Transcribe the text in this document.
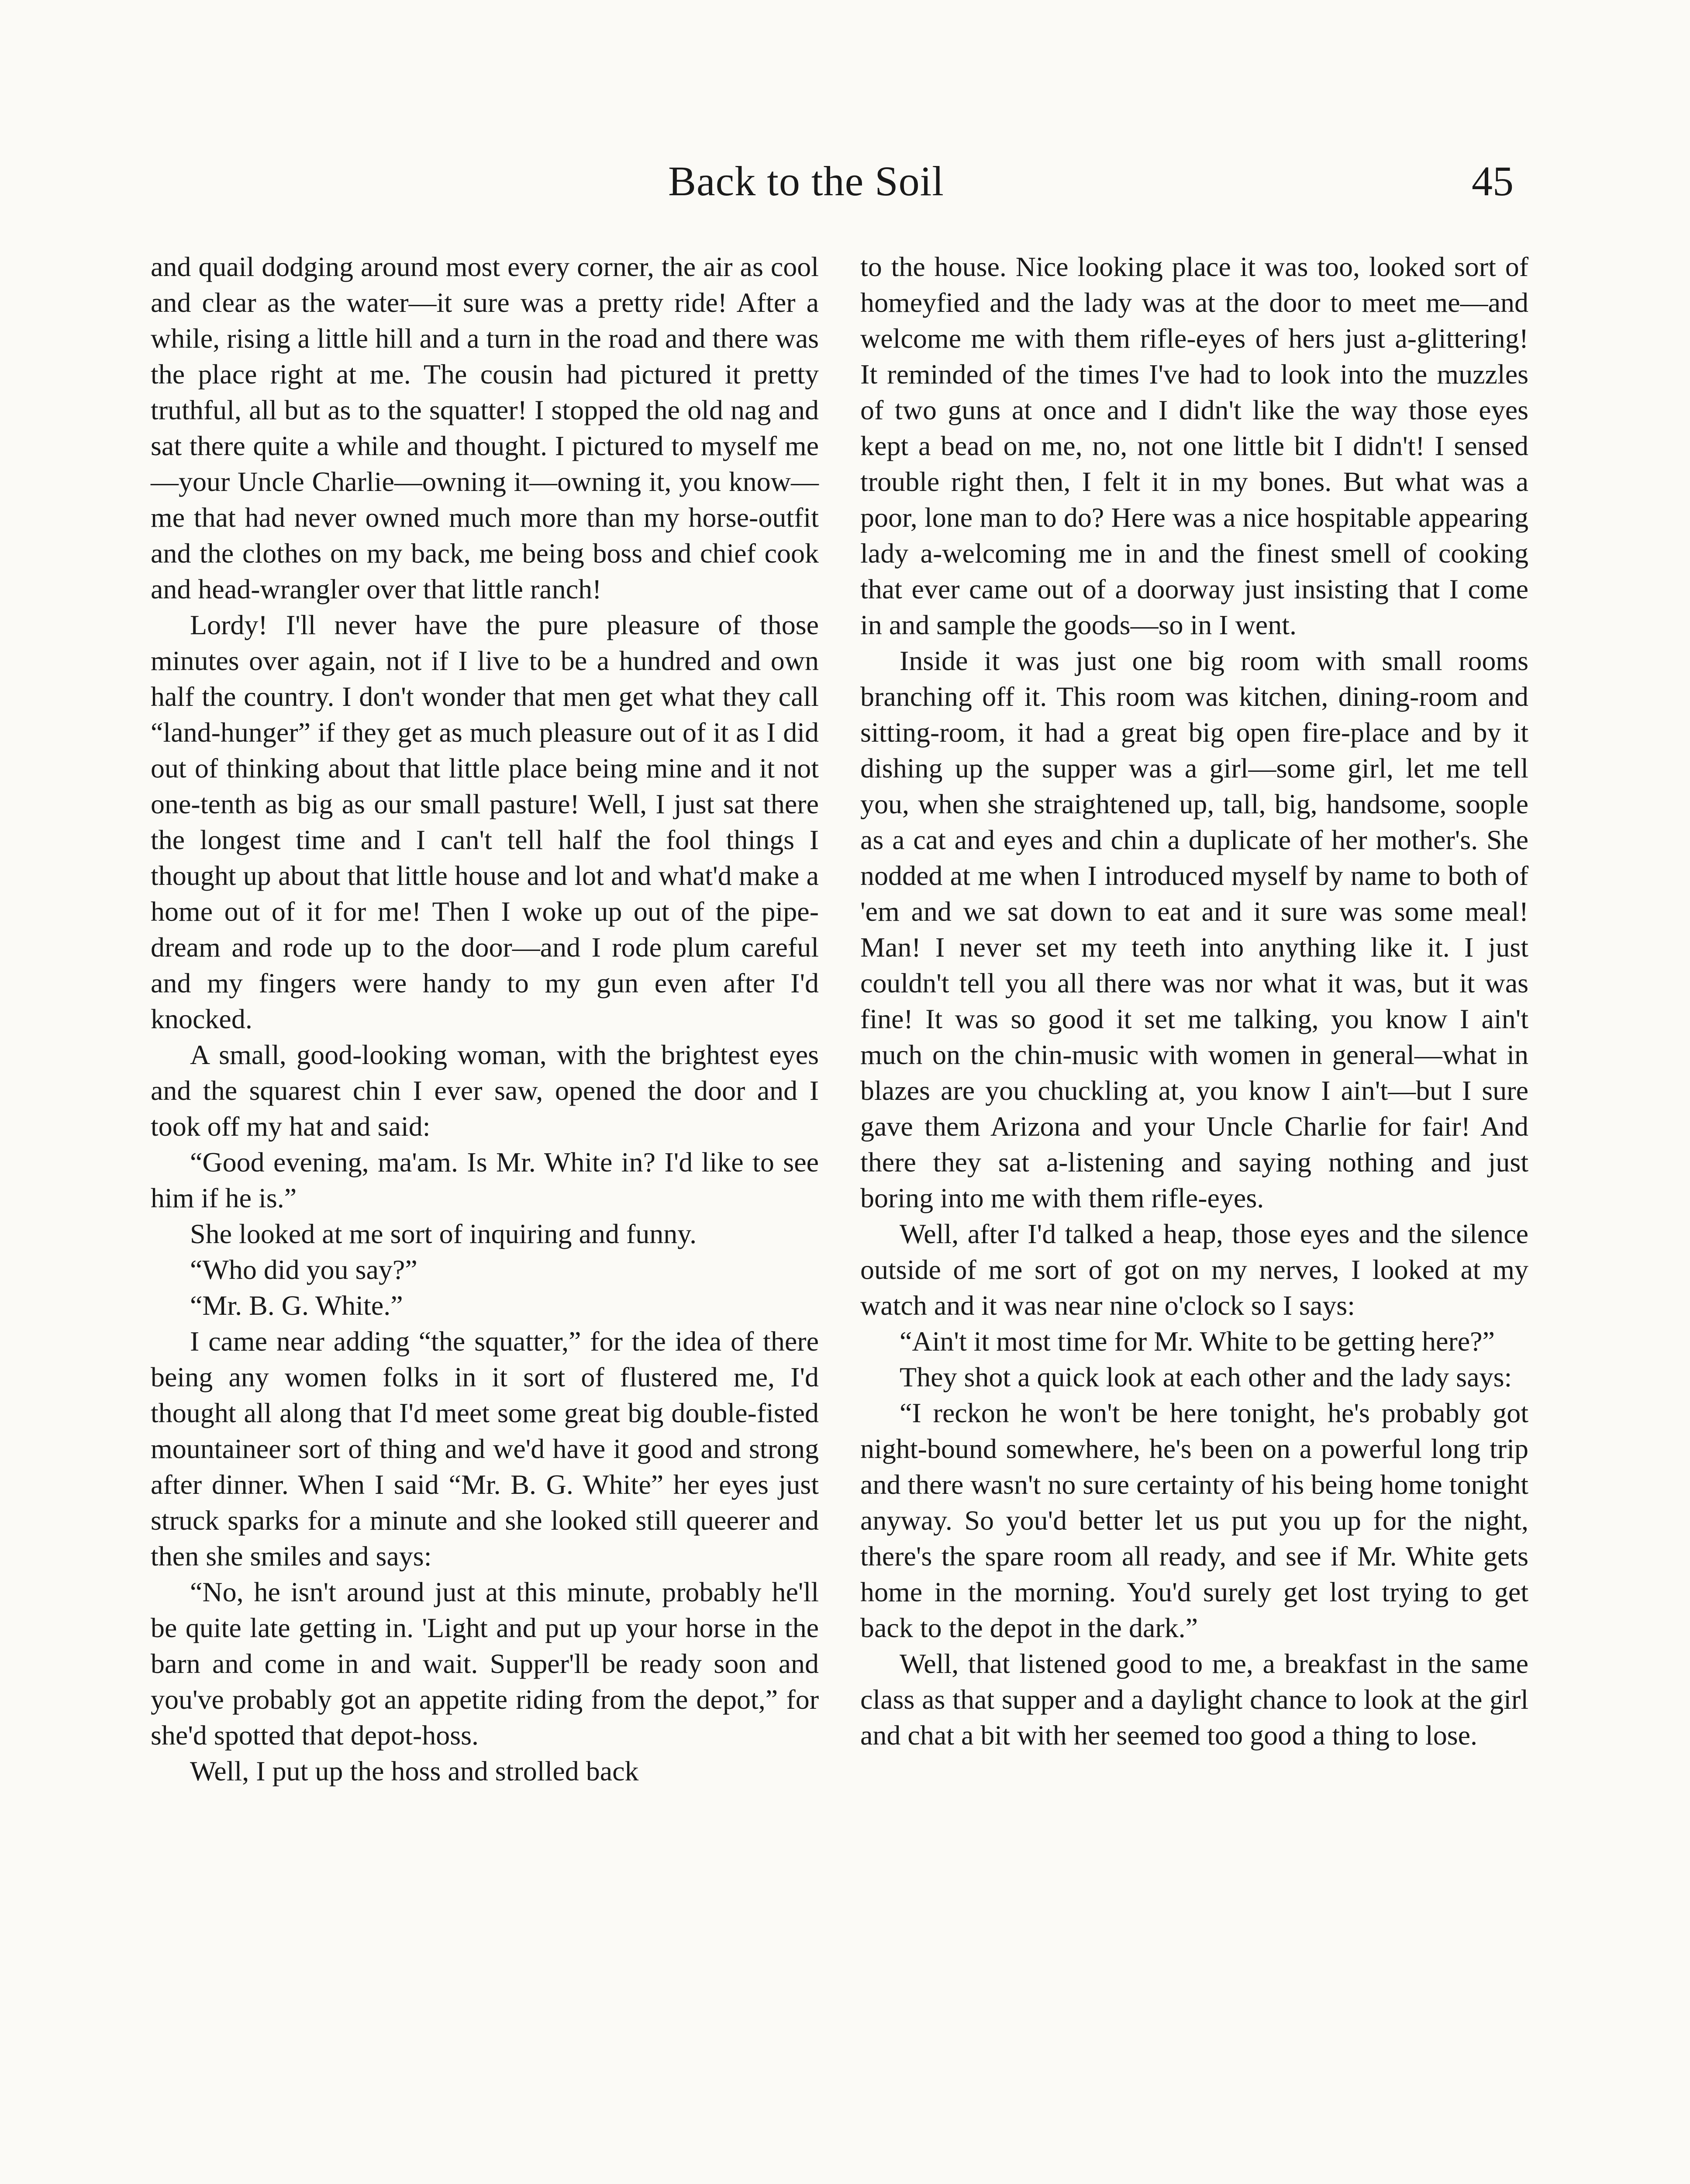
Back to the Soil	45

and quail dodging around most every corner, the air as cool and clear as the water—it sure was a pretty ride! After a while, rising a little hill and a turn in the road and there was the place right at me. The cousin had pictured it pretty truthful, all but as to the squatter! I stopped the old nag and sat there quite a while and thought. I pictured to myself me—your Uncle Charlie—owning it—owning it, you know—me that had never owned much more than my horse-outfit and the clothes on my back, me being boss and chief cook and head-wrangler over that little ranch!

Lordy! I'll never have the pure pleasure of those minutes over again, not if I live to be a hundred and own half the country. I don't wonder that men get what they call “land-hunger” if they get as much pleasure out of it as I did out of thinking about that little place being mine and it not one-tenth as big as our small pasture! Well, I just sat there the longest time and I can't tell half the fool things I thought up about that little house and lot and what'd make a home out of it for me! Then I woke up out of the pipe-dream and rode up to the door—and I rode plum careful and my fingers were handy to my gun even after I'd knocked.

A small, good-looking woman, with the brightest eyes and the squarest chin I ever saw, opened the door and I took off my hat and said:

“Good evening, ma'am. Is Mr. White in? I'd like to see him if he is.”

She looked at me sort of inquiring and funny.

“Who did you say?”

“Mr. B. G. White.”

I came near adding “the squatter,” for the idea of there being any women folks in it sort of flustered me, I'd thought all along that I'd meet some great big double-fisted mountaineer sort of thing and we'd have it good and strong after dinner. When I said “Mr. B. G. White” her eyes just struck sparks for a minute and she looked still queerer and then she smiles and says:

“No, he isn't around just at this minute, probably he'll be quite late getting in. 'Light and put up your horse in the barn and come in and wait. Supper'll be ready soon and you've probably got an appetite riding from the depot,” for she'd spotted that depot-hoss.

Well, I put up the hoss and strolled back

to the house. Nice looking place it was too, looked sort of homeyfied and the lady was at the door to meet me—and welcome me with them rifle-eyes of hers just a-glittering! It reminded of the times I've had to look into the muzzles of two guns at once and I didn't like the way those eyes kept a bead on me, no, not one little bit I didn't! I sensed trouble right then, I felt it in my bones. But what was a poor, lone man to do? Here was a nice hospitable appearing lady a-welcoming me in and the finest smell of cooking that ever came out of a doorway just insisting that I come in and sample the goods—so in I went.

Inside it was just one big room with small rooms branching off it. This room was kitchen, dining-room and sitting-room, it had a great big open fire-place and by it dishing up the supper was a girl—some girl, let me tell you, when she straightened up, tall, big, handsome, soople as a cat and eyes and chin a duplicate of her mother's. She nodded at me when I introduced myself by name to both of 'em and we sat down to eat and it sure was some meal! Man! I never set my teeth into anything like it. I just couldn't tell you all there was nor what it was, but it was fine! It was so good it set me talking, you know I ain't much on the chin-music with women in general—what in blazes are you chuckling at, you know I ain't—but I sure gave them Arizona and your Uncle Charlie for fair! And there they sat a-listening and saying nothing and just boring into me with them rifle-eyes.

Well, after I'd talked a heap, those eyes and the silence outside of me sort of got on my nerves, I looked at my watch and it was near nine o'clock so I says:

“Ain't it most time for Mr. White to be getting here?”

They shot a quick look at each other and the lady says:

“I reckon he won't be here tonight, he's probably got night-bound somewhere, he's been on a powerful long trip and there wasn't no sure certainty of his being home tonight anyway. So you'd better let us put you up for the night, there's the spare room all ready, and see if Mr. White gets home in the morning. You'd surely get lost trying to get back to the depot in the dark.”

Well, that listened good to me, a breakfast in the same class as that supper and a daylight chance to look at the girl and chat a bit with her seemed too good a thing to lose.
